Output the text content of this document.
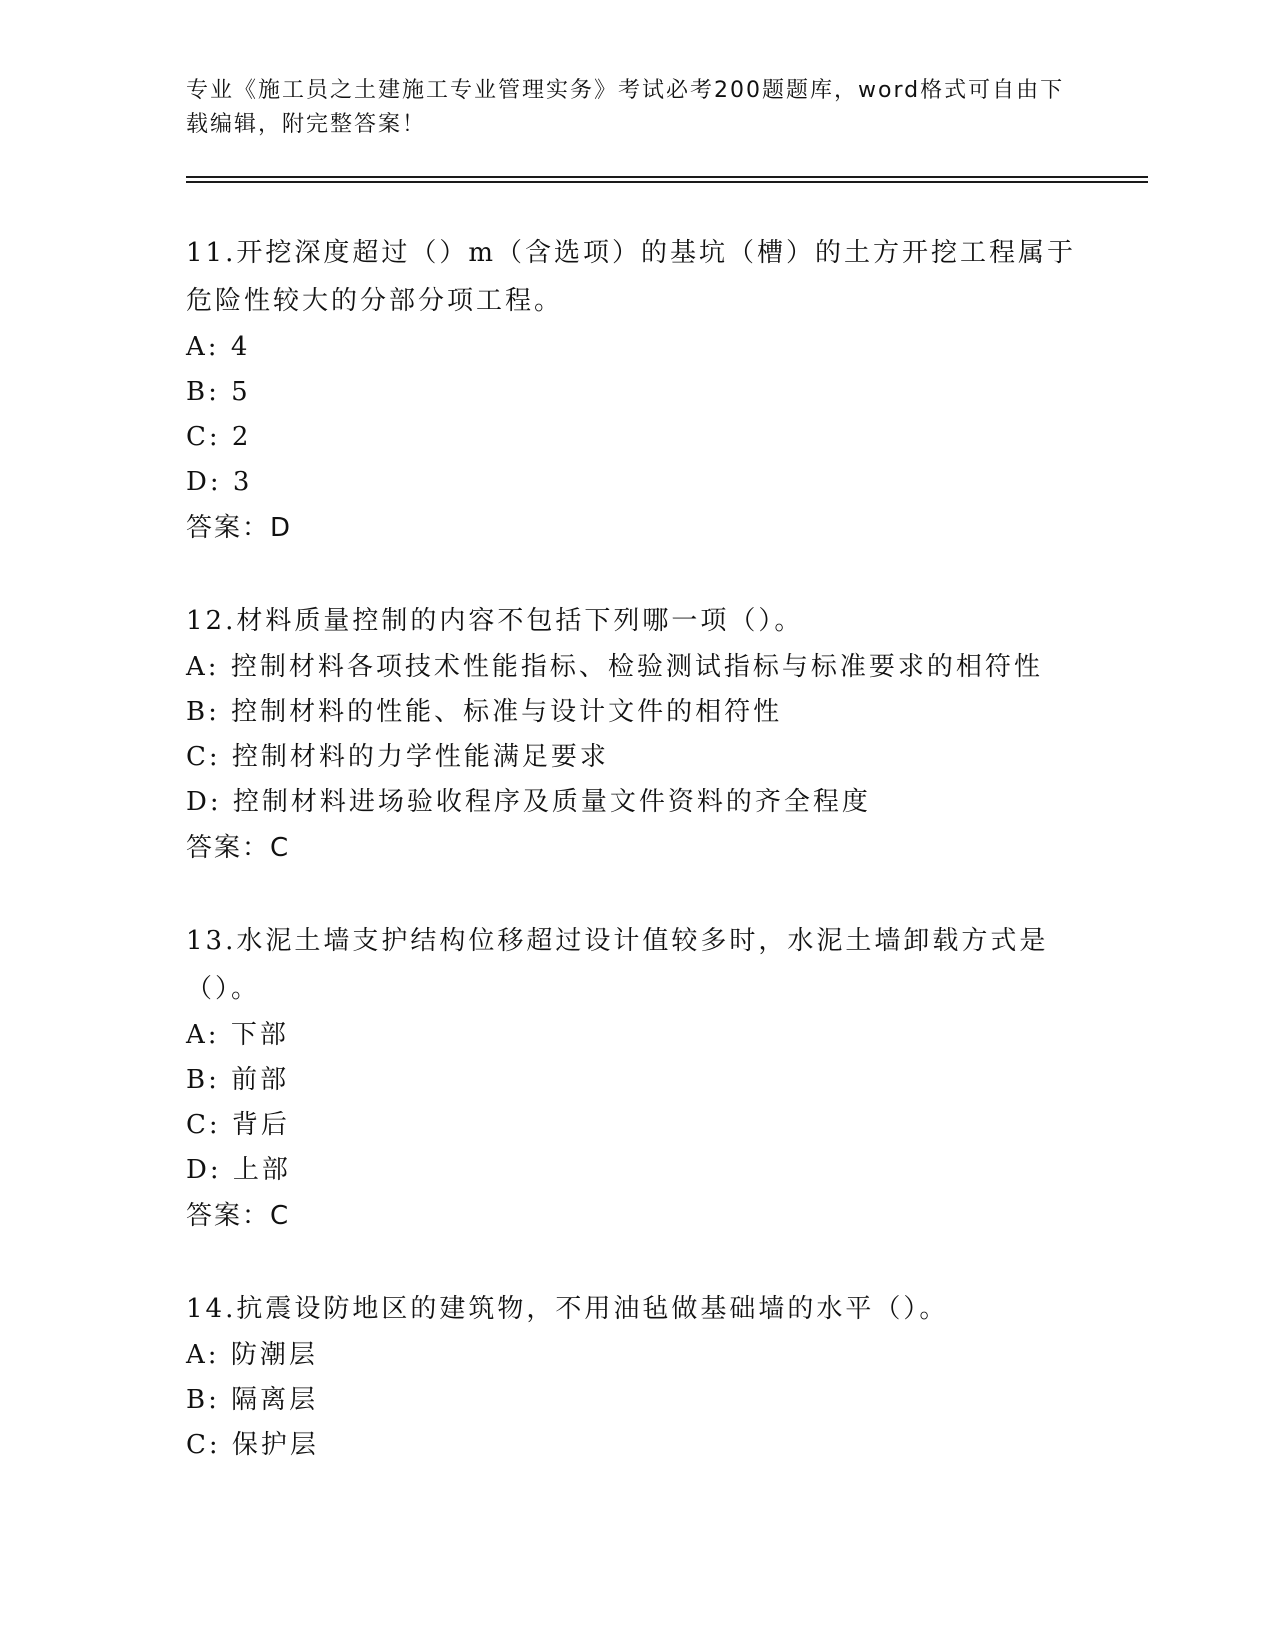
专业《施工员之土建施工专业管理实务》考试必考200题题库，word格式可自由下载编辑，附完整答案！

11.开挖深度超过（）m（含选项）的基坑（槽）的土方开挖工程属于危险性较大的分部分项工程。

A: 4
B: 5
C: 2
D: 3
答案：D

12.材料质量控制的内容不包括下列哪一项（）。

A: 控制材料各项技术性能指标、检验测试指标与标准要求的相符性
B: 控制材料的性能、标准与设计文件的相符性
C: 控制材料的力学性能满足要求
D: 控制材料进场验收程序及质量文件资料的齐全程度
答案：C

13.水泥土墙支护结构位移超过设计值较多时，水泥土墙卸载方式是（）。

A: 下部
B: 前部
C: 背后
D: 上部
答案：C

14.抗震设防地区的建筑物，不用油毡做基础墙的水平（）。

A: 防潮层
B: 隔离层
C: 保护层
